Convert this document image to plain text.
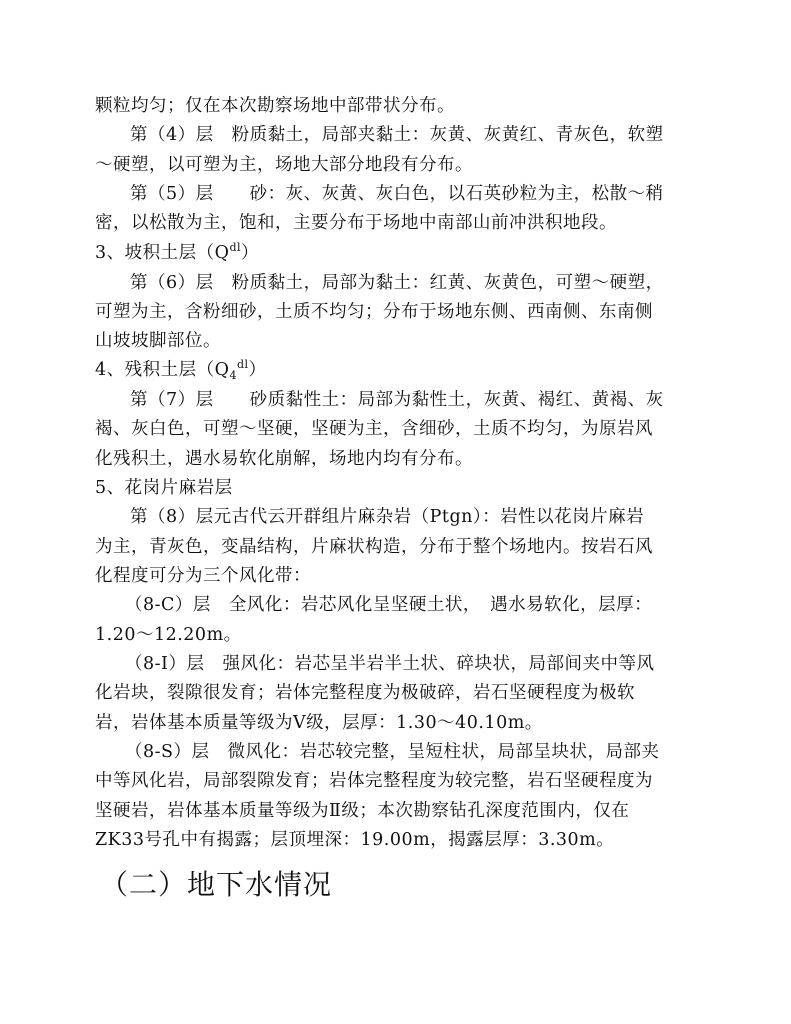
颗粒均匀；仅在本次勘察场地中部带状分布。
第（4）层　粉质黏土，局部夹黏土：灰黄、灰黄红、青灰色，软塑
～硬塑，以可塑为主，场地大部分地段有分布。
第（5）层　　砂：灰、灰黄、灰白色，以石英砂粒为主，松散～稍
密，以松散为主，饱和，主要分布于场地中南部山前冲洪积地段。
3、坡积土层$(Q^{dl})$
第（6）层　粉质黏土，局部为黏土：红黄、灰黄色，可塑～硬塑，
可塑为主，含粉细砂，土质不均匀；分布于场地东侧、西南侧、东南侧
山坡坡脚部位。
4、残积土层$(Q_4^{dl})$
第（7）层　　砂质黏性土：局部为黏性土，灰黄、褐红、黄褐、灰
褐、灰白色，可塑～坚硬，坚硬为主，含细砂，土质不均匀，为原岩风
化残积土，遇水易软化崩解，场地内均有分布。
5、花岗片麻岩层
第（8）层元古代云开群组片麻杂岩（Ptgn）：岩性以花岗片麻岩
为主，青灰色，变晶结构，片麻状构造，分布于整个场地内。按岩石风
化程度可分为三个风化带：
（8-C）层　全风化：岩芯风化呈坚硬土状，　遇水易软化，层厚：
1.20～12.20m。
（8-I）层　强风化：岩芯呈半岩半土状、碎块状，局部间夹中等风
化岩块，裂隙很发育；岩体完整程度为极破碎，岩石坚硬程度为极软
岩，岩体基本质量等级为Ⅴ级，层厚：1.30～40.10m。
（8-S）层　微风化：岩芯较完整，呈短柱状，局部呈块状，局部夹
中等风化岩，局部裂隙发育；岩体完整程度为较完整，岩石坚硬程度为
坚硬岩，岩体基本质量等级为Ⅱ级；本次勘察钻孔深度范围内，仅在
ZK33号孔中有揭露；层顶埋深：19.00m，揭露层厚：3.30m。
（二）地下水情况
